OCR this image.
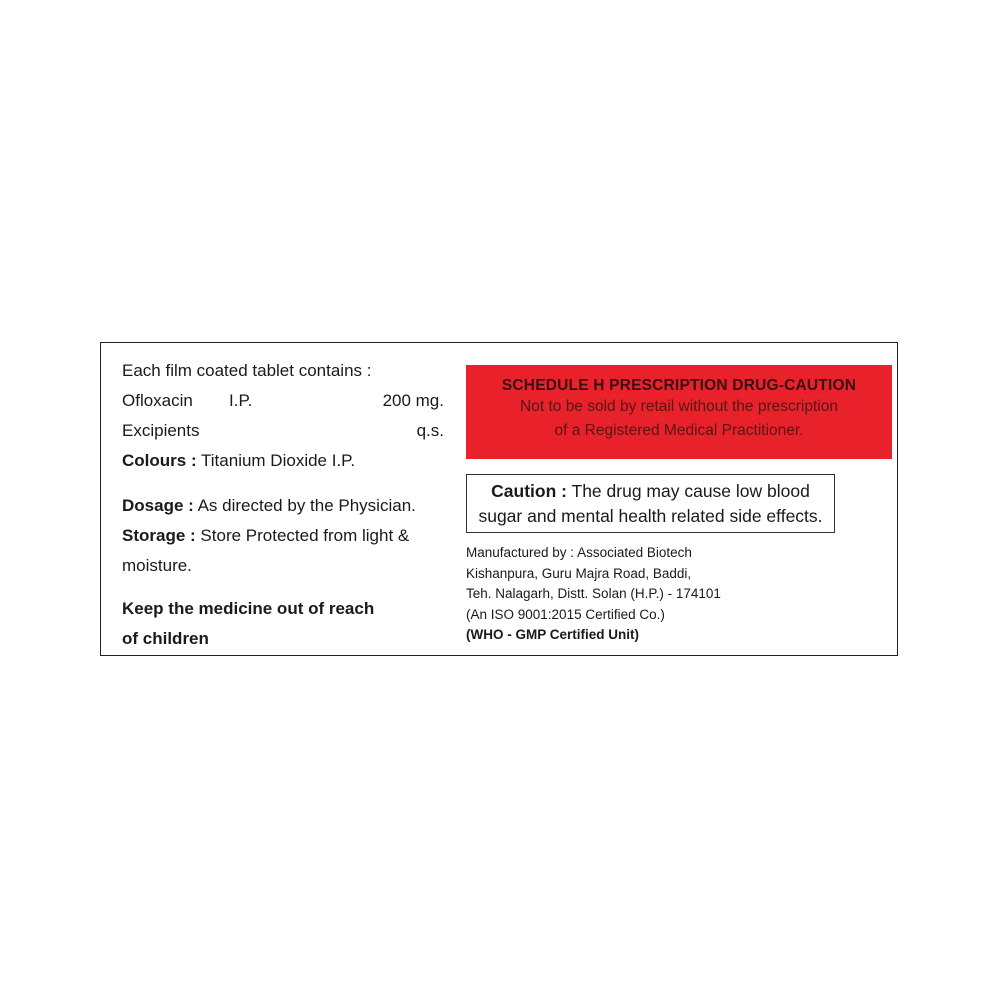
Each film coated tablet contains :
Ofloxacin I.P.	200 mg.
Excipients	q.s.
Colours : Titanium Dioxide I.P.
Dosage : As directed by the Physician.
Storage : Store Protected from light &
moisture.
Keep the medicine out of reach
of children
SCHEDULE H PRESCRIPTION DRUG-CAUTION
Not to be sold by retail without the prescription
of a Registered Medical Practitioner.
Caution : The drug may cause low blood
sugar and mental health related side effects.
Manufactured by : Associated Biotech
Kishanpura, Guru Majra Road, Baddi,
Teh. Nalagarh, Distt. Solan (H.P.) - 174101
(An ISO 9001:2015 Certified Co.)
(WHO - GMP Certified Unit)
